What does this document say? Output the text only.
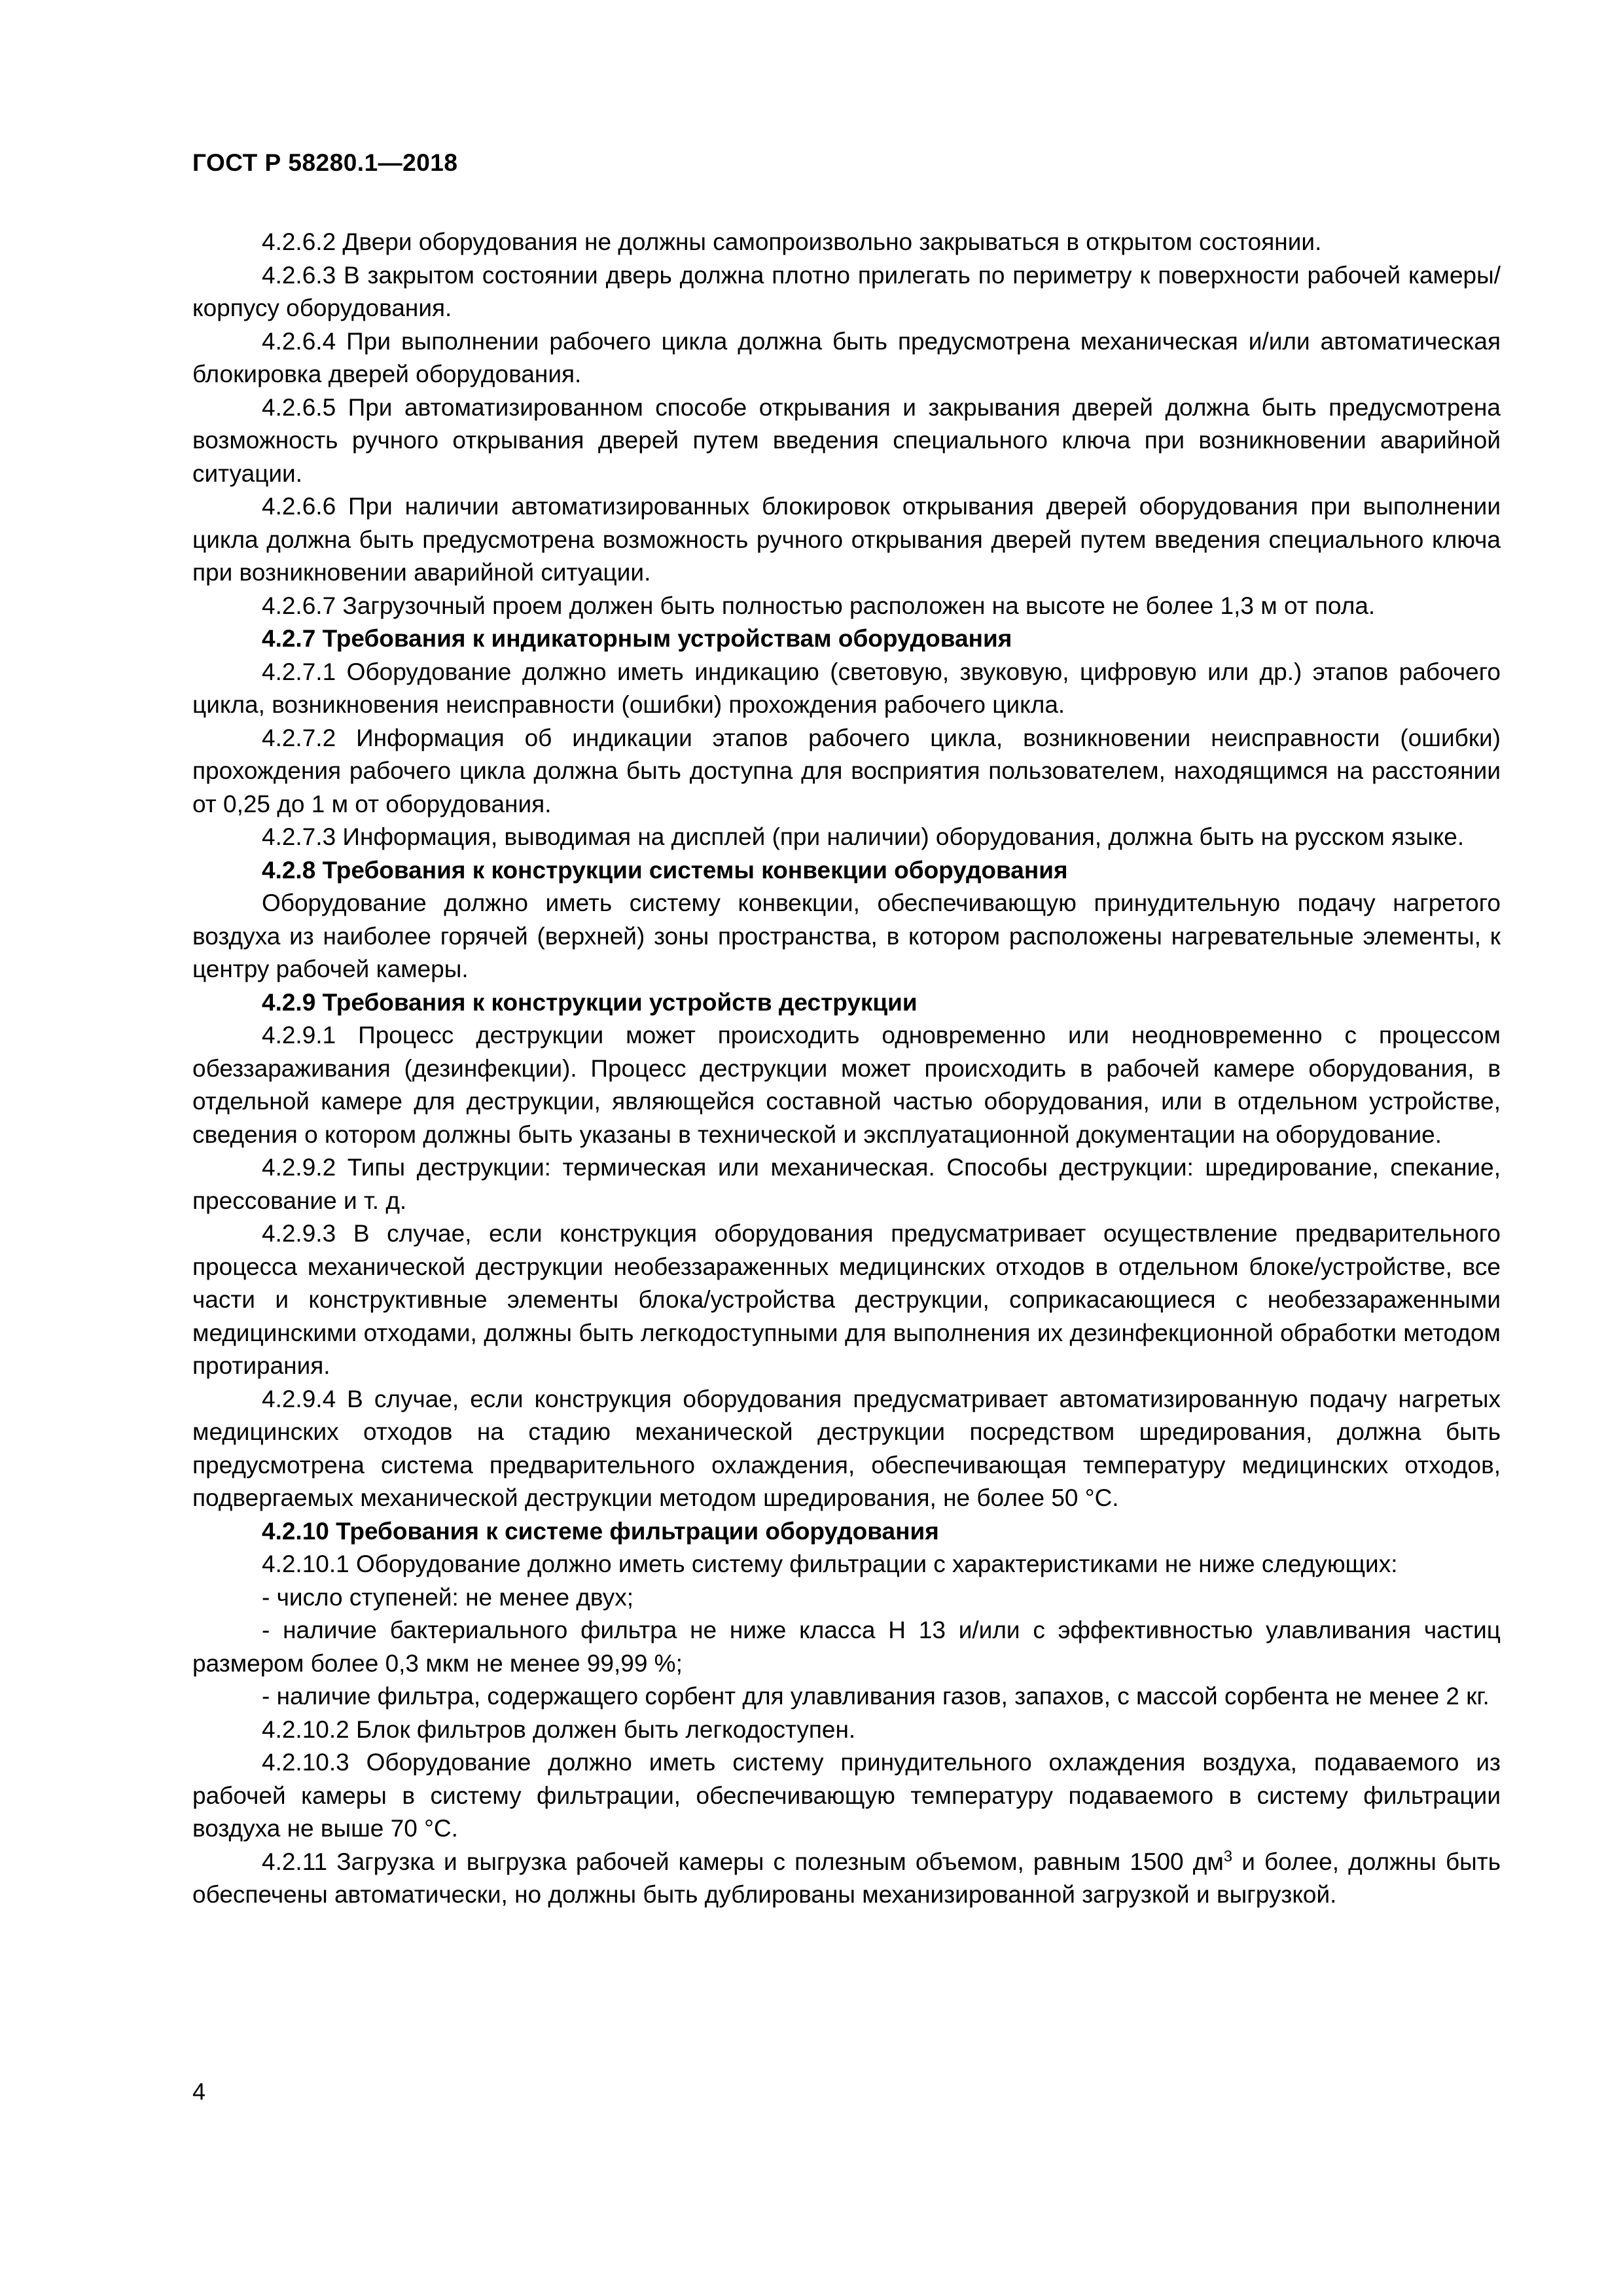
ГОСТ Р 58280.1—2018

4.2.6.2 Двери оборудования не должны самопроизвольно закрываться в открытом состоянии.

4.2.6.3 В закрытом состоянии дверь должна плотно прилегать по периметру к поверхности рабочей камеры/корпусу оборудования.

4.2.6.4 При выполнении рабочего цикла должна быть предусмотрена механическая и/или автоматическая блокировка дверей оборудования.

4.2.6.5 При автоматизированном способе открывания и закрывания дверей должна быть предусмотрена возможность ручного открывания дверей путем введения специального ключа при возникновении аварийной ситуации.

4.2.6.6 При наличии автоматизированных блокировок открывания дверей оборудования при выполнении цикла должна быть предусмотрена возможность ручного открывания дверей путем введения специального ключа при возникновении аварийной ситуации.

4.2.6.7 Загрузочный проем должен быть полностью расположен на высоте не более 1,3 м от пола.

4.2.7 Требования к индикаторным устройствам оборудования

4.2.7.1 Оборудование должно иметь индикацию (световую, звуковую, цифровую или др.) этапов рабочего цикла, возникновения неисправности (ошибки) прохождения рабочего цикла.

4.2.7.2 Информация об индикации этапов рабочего цикла, возникновении неисправности (ошибки) прохождения рабочего цикла должна быть доступна для восприятия пользователем, находящимся на расстоянии от 0,25 до 1 м от оборудования.

4.2.7.3 Информация, выводимая на дисплей (при наличии) оборудования, должна быть на русском языке.

4.2.8 Требования к конструкции системы конвекции оборудования

Оборудование должно иметь систему конвекции, обеспечивающую принудительную подачу нагретого воздуха из наиболее горячей (верхней) зоны пространства, в котором расположены нагревательные элементы, к центру рабочей камеры.

4.2.9 Требования к конструкции устройств деструкции

4.2.9.1 Процесс деструкции может происходить одновременно или неодновременно с процессом обеззараживания (дезинфекции). Процесс деструкции может происходить в рабочей камере оборудования, в отдельной камере для деструкции, являющейся составной частью оборудования, или в отдельном устройстве, сведения о котором должны быть указаны в технической и эксплуатационной документации на оборудование.

4.2.9.2 Типы деструкции: термическая или механическая. Способы деструкции: шредирование, спекание, прессование и т. д.

4.2.9.3 В случае, если конструкция оборудования предусматривает осуществление предварительного процесса механической деструкции необеззараженных медицинских отходов в отдельном блоке/устройстве, все части и конструктивные элементы блока/устройства деструкции, соприкасающиеся с необеззараженными медицинскими отходами, должны быть легкодоступными для выполнения их дезинфекционной обработки методом протирания.

4.2.9.4 В случае, если конструкция оборудования предусматривает автоматизированную подачу нагретых медицинских отходов на стадию механической деструкции посредством шредирования, должна быть предусмотрена система предварительного охлаждения, обеспечивающая температуру медицинских отходов, подвергаемых механической деструкции методом шредирования, не более 50 °С.

4.2.10 Требования к системе фильтрации оборудования

4.2.10.1 Оборудование должно иметь систему фильтрации с характеристиками не ниже следующих:

- число ступеней: не менее двух;

- наличие бактериального фильтра не ниже класса Н 13 и/или с эффективностью улавливания частиц размером более 0,3 мкм не менее 99,99 %;

- наличие фильтра, содержащего сорбент для улавливания газов, запахов, с массой сорбента не менее 2 кг.

4.2.10.2 Блок фильтров должен быть легкодоступен.

4.2.10.3 Оборудование должно иметь систему принудительного охлаждения воздуха, подаваемого из рабочей камеры в систему фильтрации, обеспечивающую температуру подаваемого в систему фильтрации воздуха не выше 70 °С.

4.2.11 Загрузка и выгрузка рабочей камеры с полезным объемом, равным 1500 $дм^3$ и более, должны быть обеспечены автоматически, но должны быть дублированы механизированной загрузкой и выгрузкой.

4
